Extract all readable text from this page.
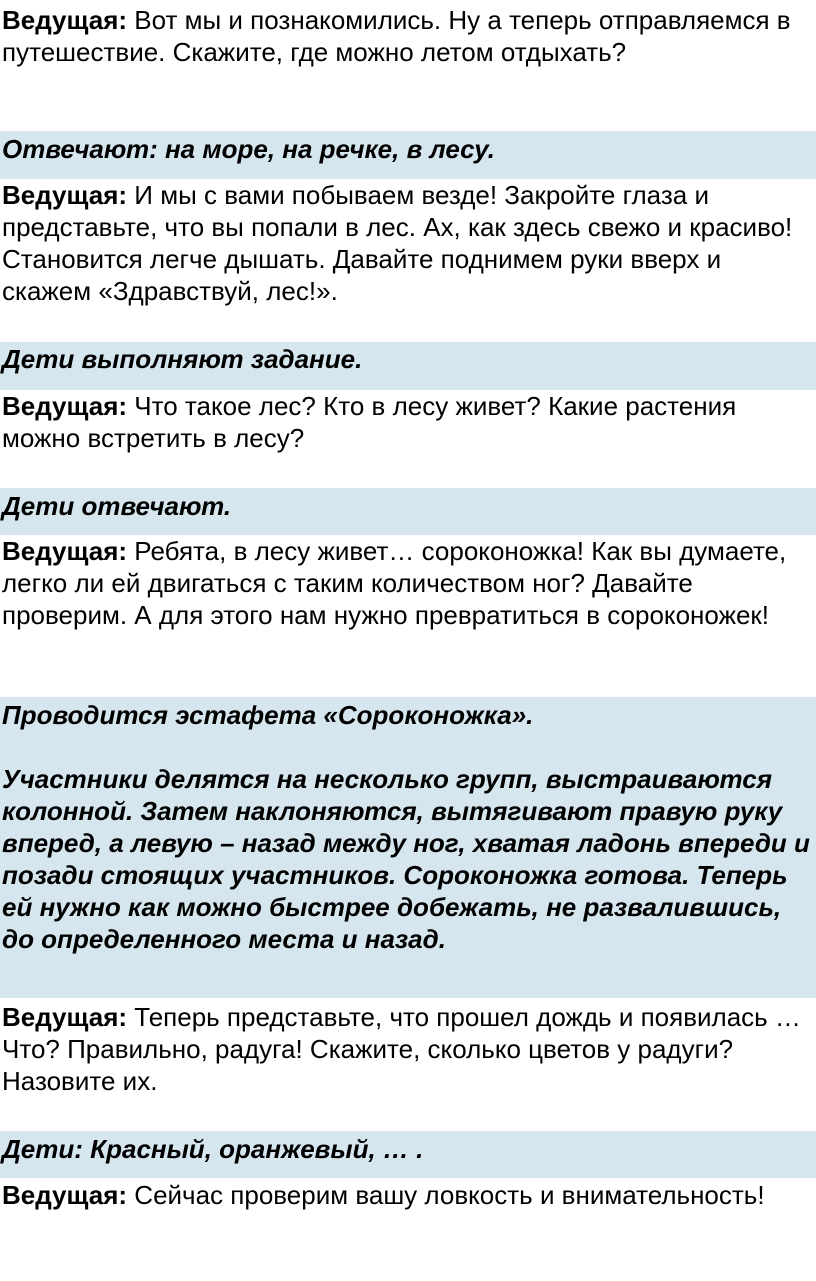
Ведущая: Вот мы и познакомились. Ну а теперь отправляемся в путешествие. Скажите, где можно летом отдыхать?

Отвечают: на море, на речке, в лесу.

Ведущая: И мы с вами побываем везде! Закройте глаза и представьте, что вы попали в лес. Ах, как здесь свежо и красиво! Становится легче дышать. Давайте поднимем руки вверх и скажем «Здравствуй, лес!».

Дети выполняют задание.

Ведущая: Что такое лес? Кто в лесу живет? Какие растения можно встретить в лесу?

Дети отвечают.

Ведущая: Ребята, в лесу живет… сороконожка! Как вы думаете, легко ли ей двигаться с таким количеством ног? Давайте проверим. А для этого нам нужно превратиться в сороконожек!

Проводится эстафета «Сороконожка».

Участники делятся на несколько групп, выстраиваются колонной. Затем наклоняются, вытягивают правую руку вперед, а левую – назад между ног, хватая ладонь впереди и позади стоящих участников. Сороконожка готова. Теперь ей нужно как можно быстрее добежать, не развалившись, до определенного места и назад.

Ведущая: Теперь представьте, что прошел дождь и появилась … Что? Правильно, радуга! Скажите, сколько цветов у радуги? Назовите их.

Дети: Красный, оранжевый, … .

Ведущая: Сейчас проверим вашу ловкость и внимательность!
